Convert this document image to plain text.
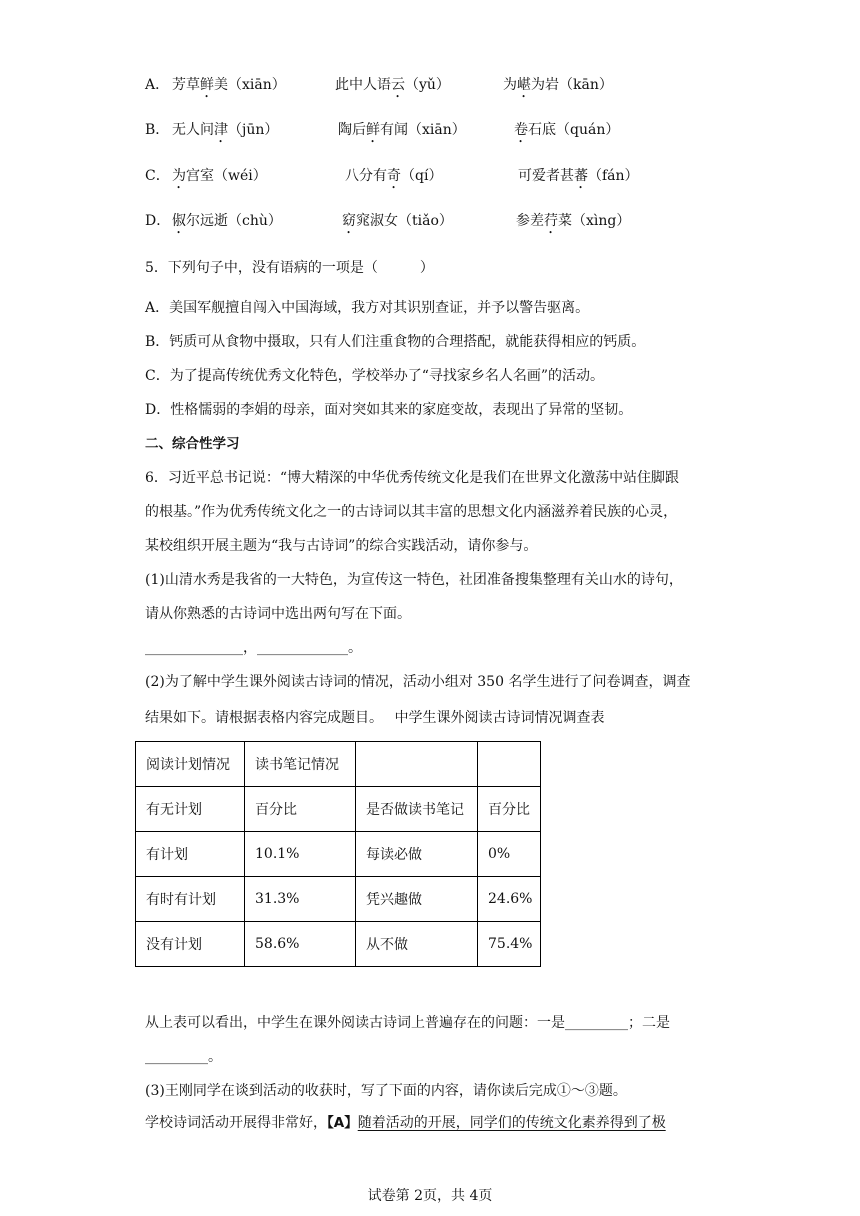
A． 芳草鲜美（xiān）	此中人语云（yǔ）	为嵁为岩（kān）
B． 无人问津（jūn）	陶后鲜有闻（xiān）	卷石底（quán）
C． 为宫室（wéi）	八分有奇（qí）	可爱者甚蕃（fán）
D． 俶尔远逝（chù）	窈窕淑女（tiǎo）	参差荇菜（xìng）
5．下列句子中，没有语病的一项是（　　　）
A．美国军舰擅自闯入中国海域，我方对其识别查证，并予以警告驱离。
B．钙质可从食物中摄取，只有人们注重食物的合理搭配，就能获得相应的钙质。
C．为了提高传统优秀文化特色，学校举办了“寻找家乡名人名画”的活动。
D．性格懦弱的李娟的母亲，面对突如其来的家庭变故，表现出了异常的坚韧。
二、综合性学习
6．习近平总书记说：“博大精深的中华优秀传统文化是我们在世界文化激荡中站住脚跟
的根基。”作为优秀传统文化之一的古诗词以其丰富的思想文化内涵滋养着民族的心灵，
某校组织开展主题为“我与古诗词”的综合实践活动，请你参与。
(1)山清水秀是我省的一大特色，为宣传这一特色，社团准备搜集整理有关山水的诗句，
请从你熟悉的古诗词中选出两句写在下面。
______________，_____________。
(2)为了解中学生课外阅读古诗词的情况，活动小组对 350 名学生进行了问卷调查，调查
结果如下。请根据表格内容完成题目。　 中学生课外阅读古诗词情况调查表
阅读计划情况	读书笔记情况		
有无计划	百分比	是否做读书笔记	百分比
有计划	10.1%	每读必做	0%
有时有计划	31.3%	凭兴趣做	24.6%
没有计划	58.6%	从不做	75.4%
从上表可以看出，中学生在课外阅读古诗词上普遍存在的问题：一是_________；二是
_________。
(3)王刚同学在谈到活动的收获时，写了下面的内容，请你读后完成①～③题。
学校诗词活动开展得非常好，【A】随着活动的开展，同学们的传统文化素养得到了极
试卷第 2页，共 4页
